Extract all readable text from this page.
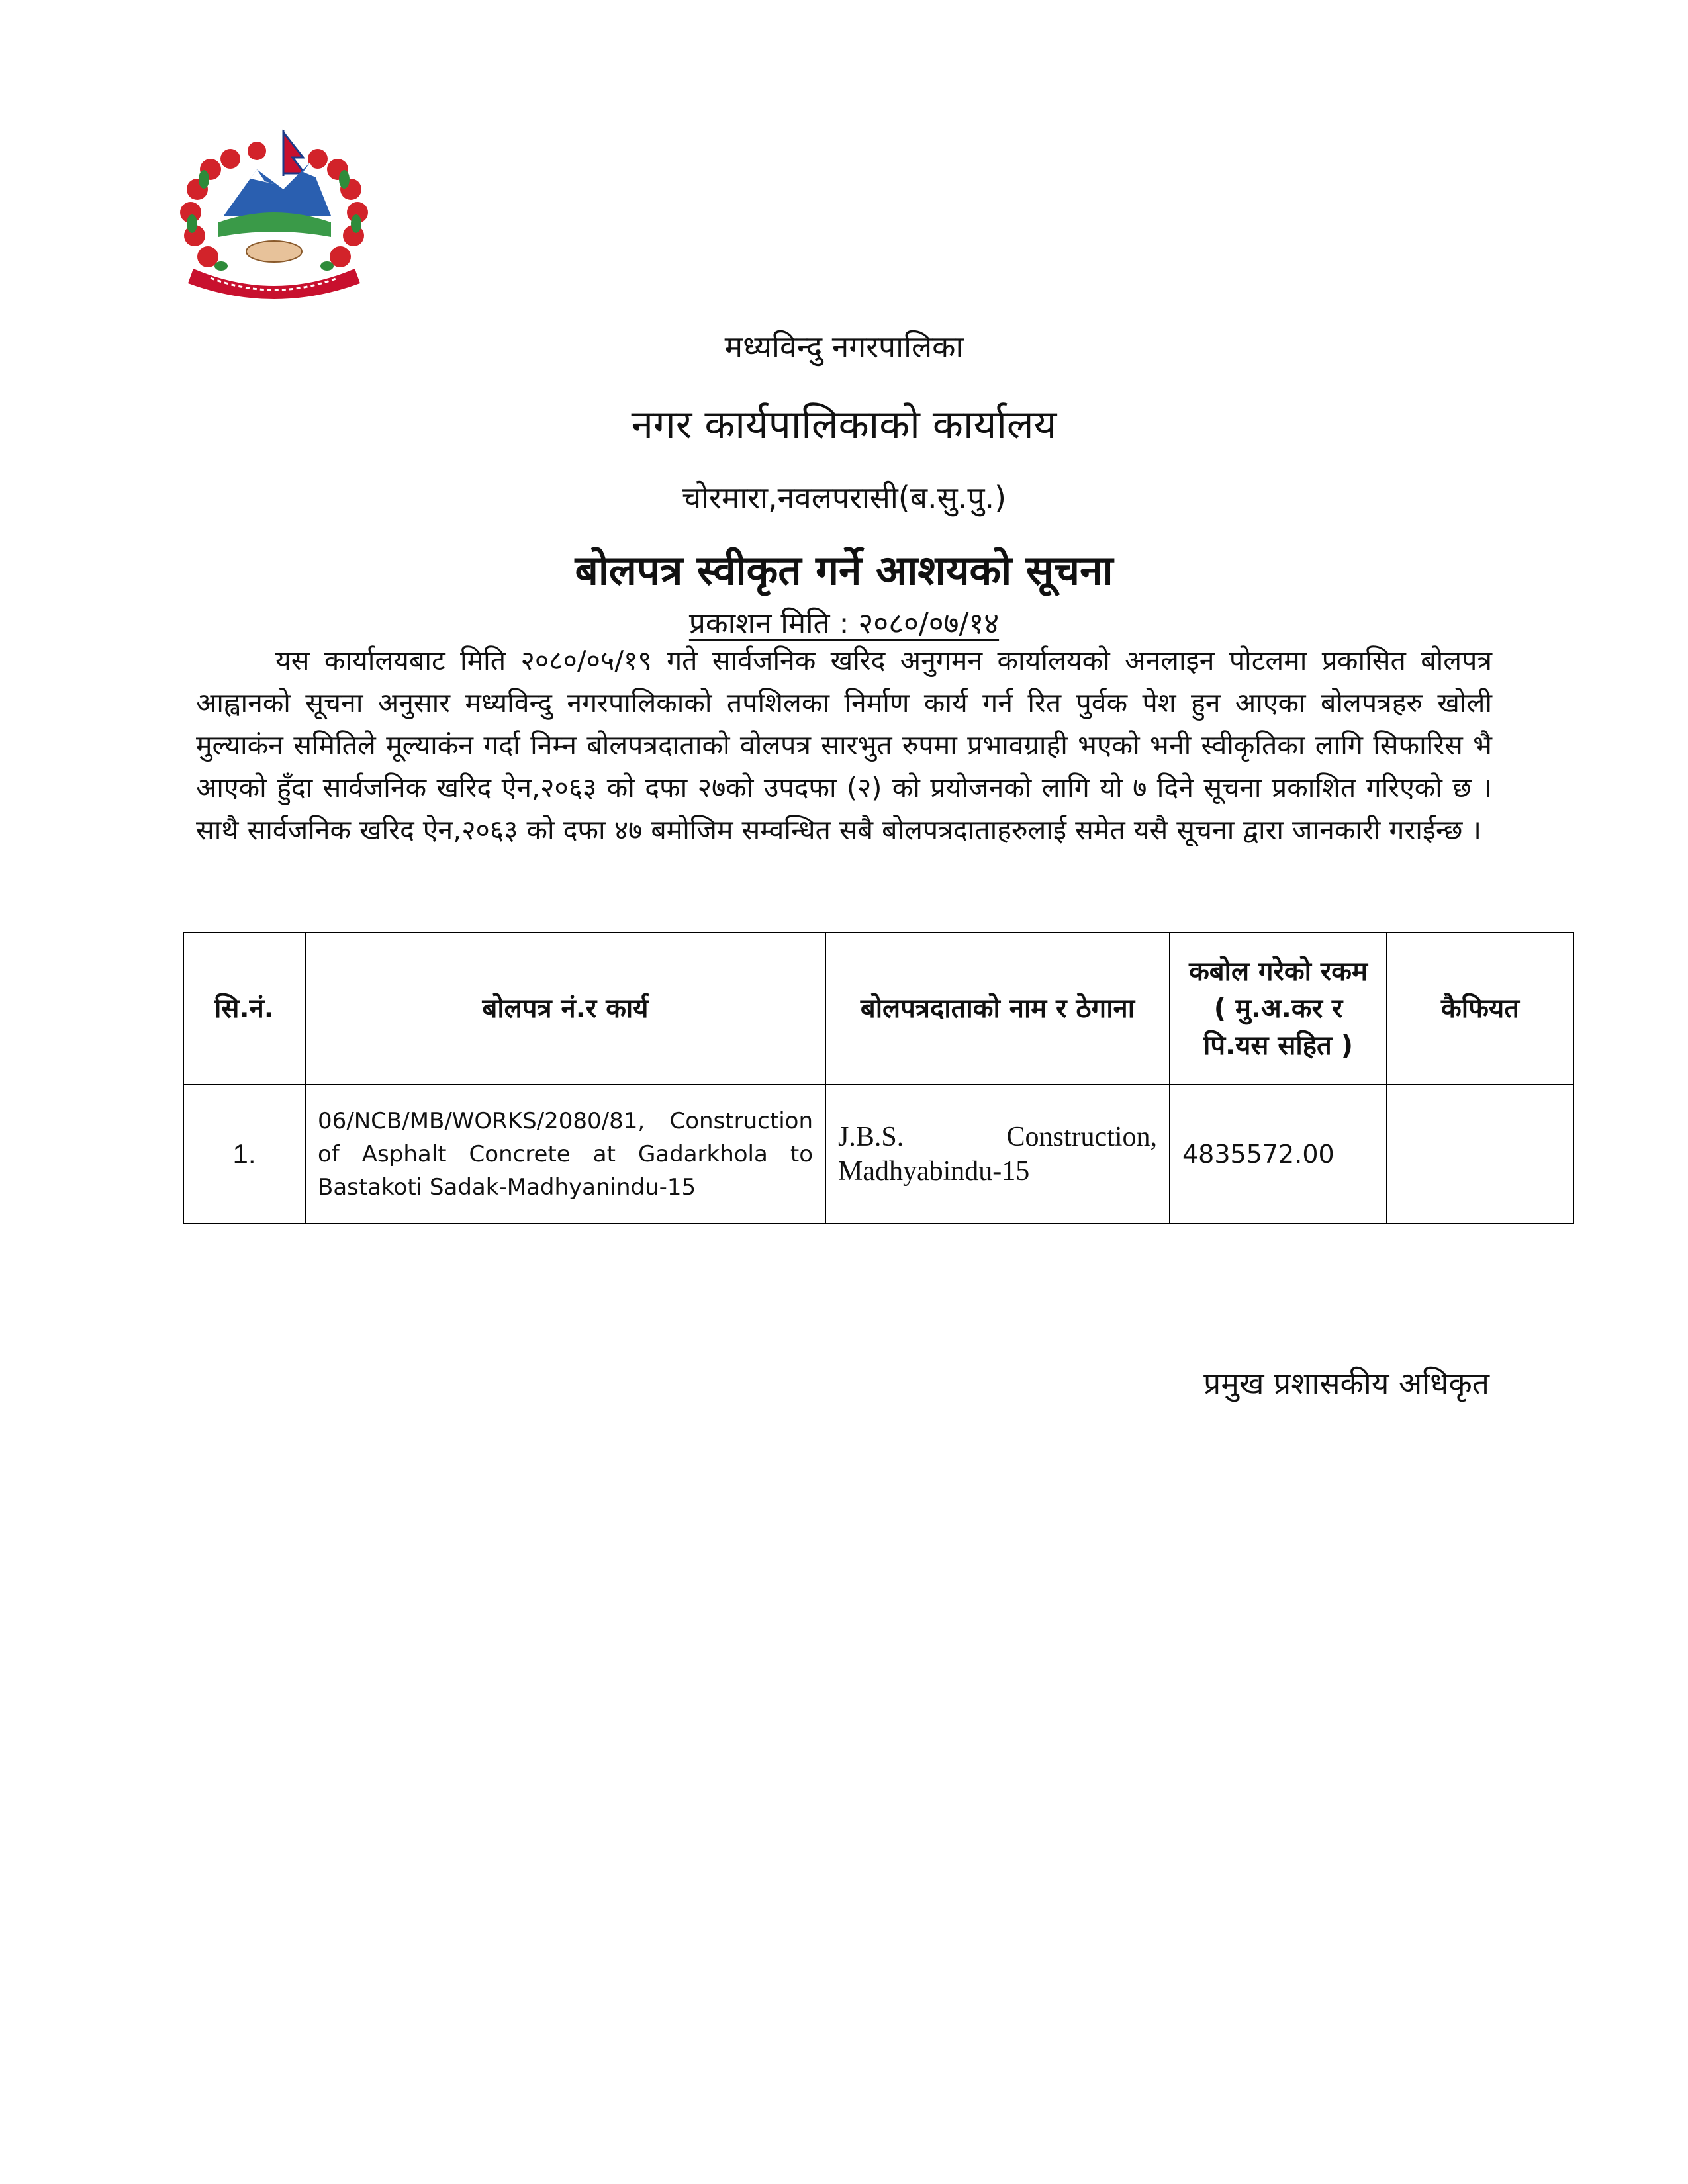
मध्यविन्दु नगरपालिका
नगर कार्यपालिकाको कार्यालय
चोरमारा,नवलपरासी(ब.सु.पु.)
बोलपत्र स्वीकृत गर्ने आशयको सूचना
प्रकाशन मिति : २०८०/०७/१४
यस कार्यालयबाट मिति २०८०/०५/१९ गते सार्वजनिक खरिद अनुगमन कार्यालयको अनलाइन पोटलमा प्रकासित बोलपत्र आह्वानको सूचना अनुसार मध्यविन्दु नगरपालिकाको तपशिलका निर्माण कार्य गर्न रित पुर्वक पेश हुन आएका बोलपत्रहरु खोली मुल्याकंन समितिले मूल्याकंन गर्दा निम्न बोलपत्रदाताको वोलपत्र सारभुत रुपमा प्रभावग्राही भएको भनी स्वीकृतिका लागि सिफारिस भै आएको हुँदा सार्वजनिक खरिद ऐन,२०६३ को दफा २७को उपदफा (२) को प्रयोजनको लागि यो ७ दिने सूचना प्रकाशित गरिएको छ । साथै सार्वजनिक खरिद ऐन,२०६३ को दफा ४७ बमोजिम सम्वन्धित सबै बोलपत्रदाताहरुलाई समेत यसै सूचना द्वारा जानकारी गराईन्छ ।
सि.नं.	बोलपत्र नं.र कार्य	बोलपत्रदाताको नाम र ठेगाना	कबोल गरेको रकम ( मु.अ.कर र पि.यस सहित )	कैफियत
1.	06/NCB/MB/WORKS/2080/81, Construction of Asphalt Concrete at Gadarkhola to Bastakoti Sadak-Madhyanindu-15	J.B.S. Construction, Madhyabindu-15	4835572.00	
प्रमुख प्रशासकीय अधिकृत
